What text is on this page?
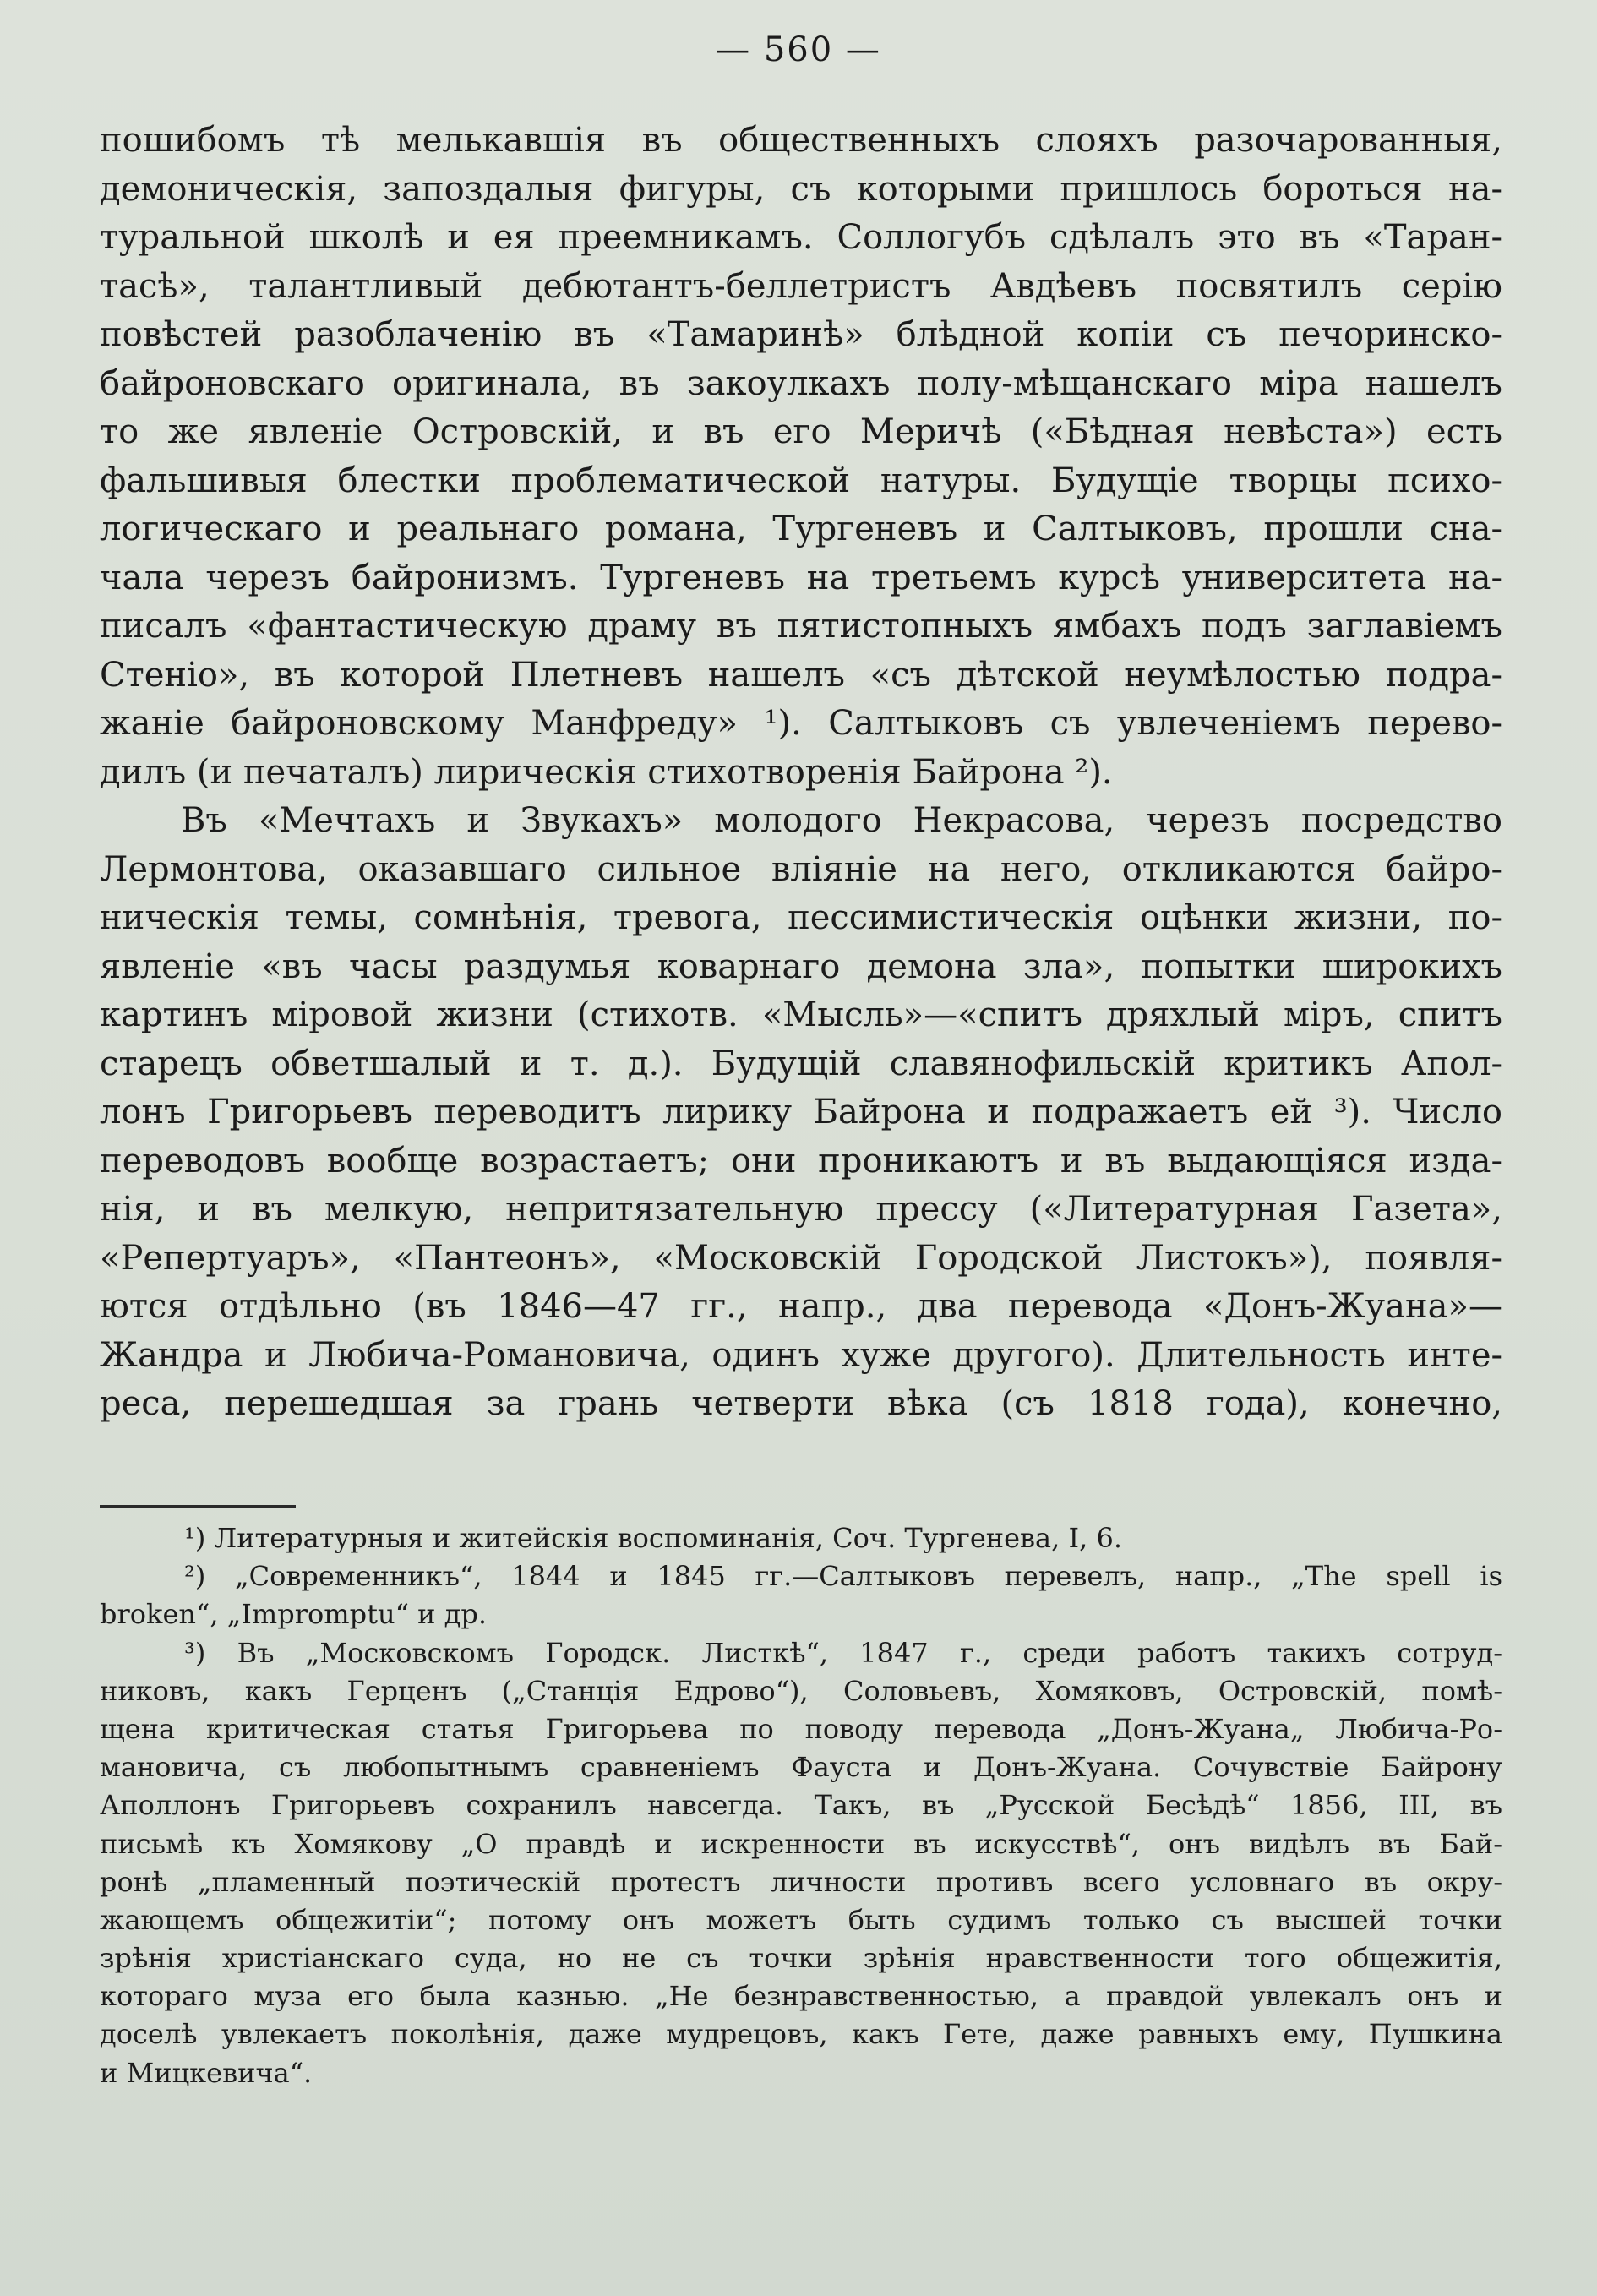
— 560 —
пошибомъ тѣ мелькавшія въ общественныхъ слояхъ разочарованныя,
демоническія, запоздалыя фигуры, съ которыми пришлось бороться на-
туральной школѣ и ея преемникамъ. Соллогубъ сдѣлалъ это въ «Таран-
тасѣ», талантливый дебютантъ-беллетристъ Авдѣевъ посвятилъ серію
повѣстей разоблаченію въ «Тамаринѣ» блѣдной копіи съ печоринско-
байроновскаго оригинала, въ закоулкахъ полу-мѣщанскаго міра нашелъ
то же явленіе Островскій, и въ его Меричѣ («Бѣдная невѣста») есть
фальшивыя блестки проблематической натуры. Будущіе творцы психо-
логическаго и реальнаго романа, Тургеневъ и Салтыковъ, прошли сна-
чала черезъ байронизмъ. Тургеневъ на третьемъ курсѣ университета на-
писалъ «фантастическую драму въ пятистопныхъ ямбахъ подъ заглавіемъ
Стеніо», въ которой Плетневъ нашелъ «съ дѣтской неумѣлостью подра-
жаніе байроновскому Манфреду» ¹). Салтыковъ съ увлеченіемъ перево-
дилъ (и печаталъ) лирическія стихотворенія Байрона ²).
Въ «Мечтахъ и Звукахъ» молодого Некрасова, черезъ посредство
Лермонтова, оказавшаго сильное вліяніе на него, откликаются байро-
ническія темы, сомнѣнія, тревога, пессимистическія оцѣнки жизни, по-
явленіе «въ часы раздумья коварнаго демона зла», попытки широкихъ
картинъ міровой жизни (стихотв. «Мысль»—«спитъ дряхлый міръ, спитъ
старецъ обветшалый и т. д.). Будущій славянофильскій критикъ Апол-
лонъ Григорьевъ переводитъ лирику Байрона и подражаетъ ей ³). Число
переводовъ вообще возрастаетъ; они проникаютъ и въ выдающіяся изда-
нія, и въ мелкую, непритязательную прессу («Литературная Газета»,
«Репертуаръ», «Пантеонъ», «Московскій Городской Листокъ»), появля-
ются отдѣльно (въ 1846—47 гг., напр., два перевода «Донъ-Жуана»—
Жандра и Любича-Романовича, одинъ хуже другого). Длительность инте-
реса, перешедшая за грань четверти вѣка (съ 1818 года), конечно,
¹) Литературныя и житейскія воспоминанія, Соч. Тургенева, I, 6.
²) „Современникъ“, 1844 и 1845 гг.—Салтыковъ перевелъ, напр., „The spell is
broken“, „Impromptu“ и др.
³) Въ „Московскомъ Городск. Листкѣ“, 1847 г., среди работъ такихъ сотруд-
никовъ, какъ Герценъ („Станція Едрово“), Соловьевъ, Хомяковъ, Островскій, помѣ-
щена критическая статья Григорьева по поводу перевода „Донъ-Жуана„ Любича-Ро-
мановича, съ любопытнымъ сравненіемъ Фауста и Донъ-Жуана. Сочувствіе Байрону
Аполлонъ Григорьевъ сохранилъ навсегда. Такъ, въ „Русской Бесѣдѣ“ 1856, III, въ
письмѣ къ Хомякову „О правдѣ и искренности въ искусствѣ“, онъ видѣлъ въ Бай-
ронѣ „пламенный поэтическій протестъ личности противъ всего условнаго въ окру-
жающемъ общежитіи“; потому онъ можетъ быть судимъ только съ высшей точки
зрѣнія христіанскаго суда, но не съ точки зрѣнія нравственности того общежитія,
котораго муза его была казнью. „Не безнравственностью, а правдой увлекалъ онъ и
доселѣ увлекаетъ поколѣнія, даже мудрецовъ, какъ Гете, даже равныхъ ему, Пушкина
и Мицкевича“.
